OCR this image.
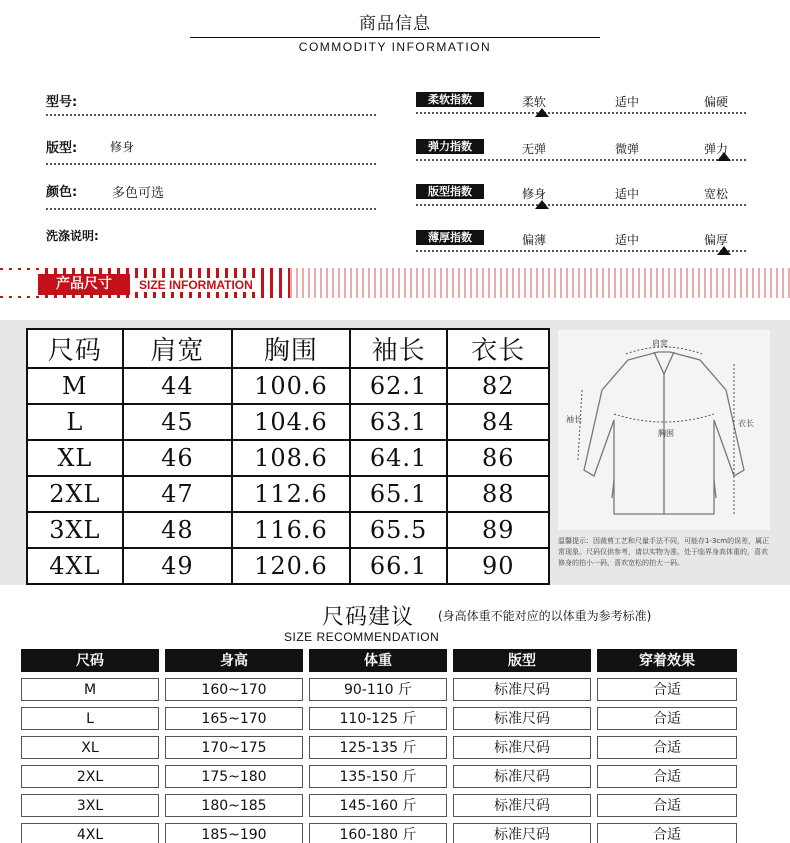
商品信息
COMMODITY INFORMATION
型号:
版型:	修身
颜色:	多色可选
洗涤说明:
柔软指数	柔软	适中	偏硬
弹力指数	无弹	微弹	弹力
版型指数	修身	适中	宽松
薄厚指数	偏薄	适中	偏厚
产品尺寸	SIZE INFORMATION
尺码	肩宽	胸围	袖长	衣长
M	44	100.6	62.1	82
L	45	104.6	63.1	84
XL	46	108.6	64.1	86
2XL	47	112.6	65.1	88
3XL	48	116.6	65.5	89
4XL	49	120.6	66.1	90
肩宽
胸围
衣长
袖长
温馨提示：因裁剪工艺和尺量手法不同，可能存1-3cm的误差，属正常现象。尺码仅供参考，请以实物为准。处于临界身高体重的，喜欢修身的拍小一码，喜欢宽松的拍大一码。
尺码建议 (身高体重不能对应的以体重为参考标准)
SIZE RECOMMENDATION
尺码	身高	体重	版型	穿着效果

M	160~170	90-110 斤	标准尺码	合适

L	165~170	110-125 斤	标准尺码	合适

XL	170~175	125-135 斤	标准尺码	合适

2XL	175~180	135-150 斤	标准尺码	合适

3XL	180~185	145-160 斤	标准尺码	合适

4XL	185~190	160-180 斤	标准尺码	合适
